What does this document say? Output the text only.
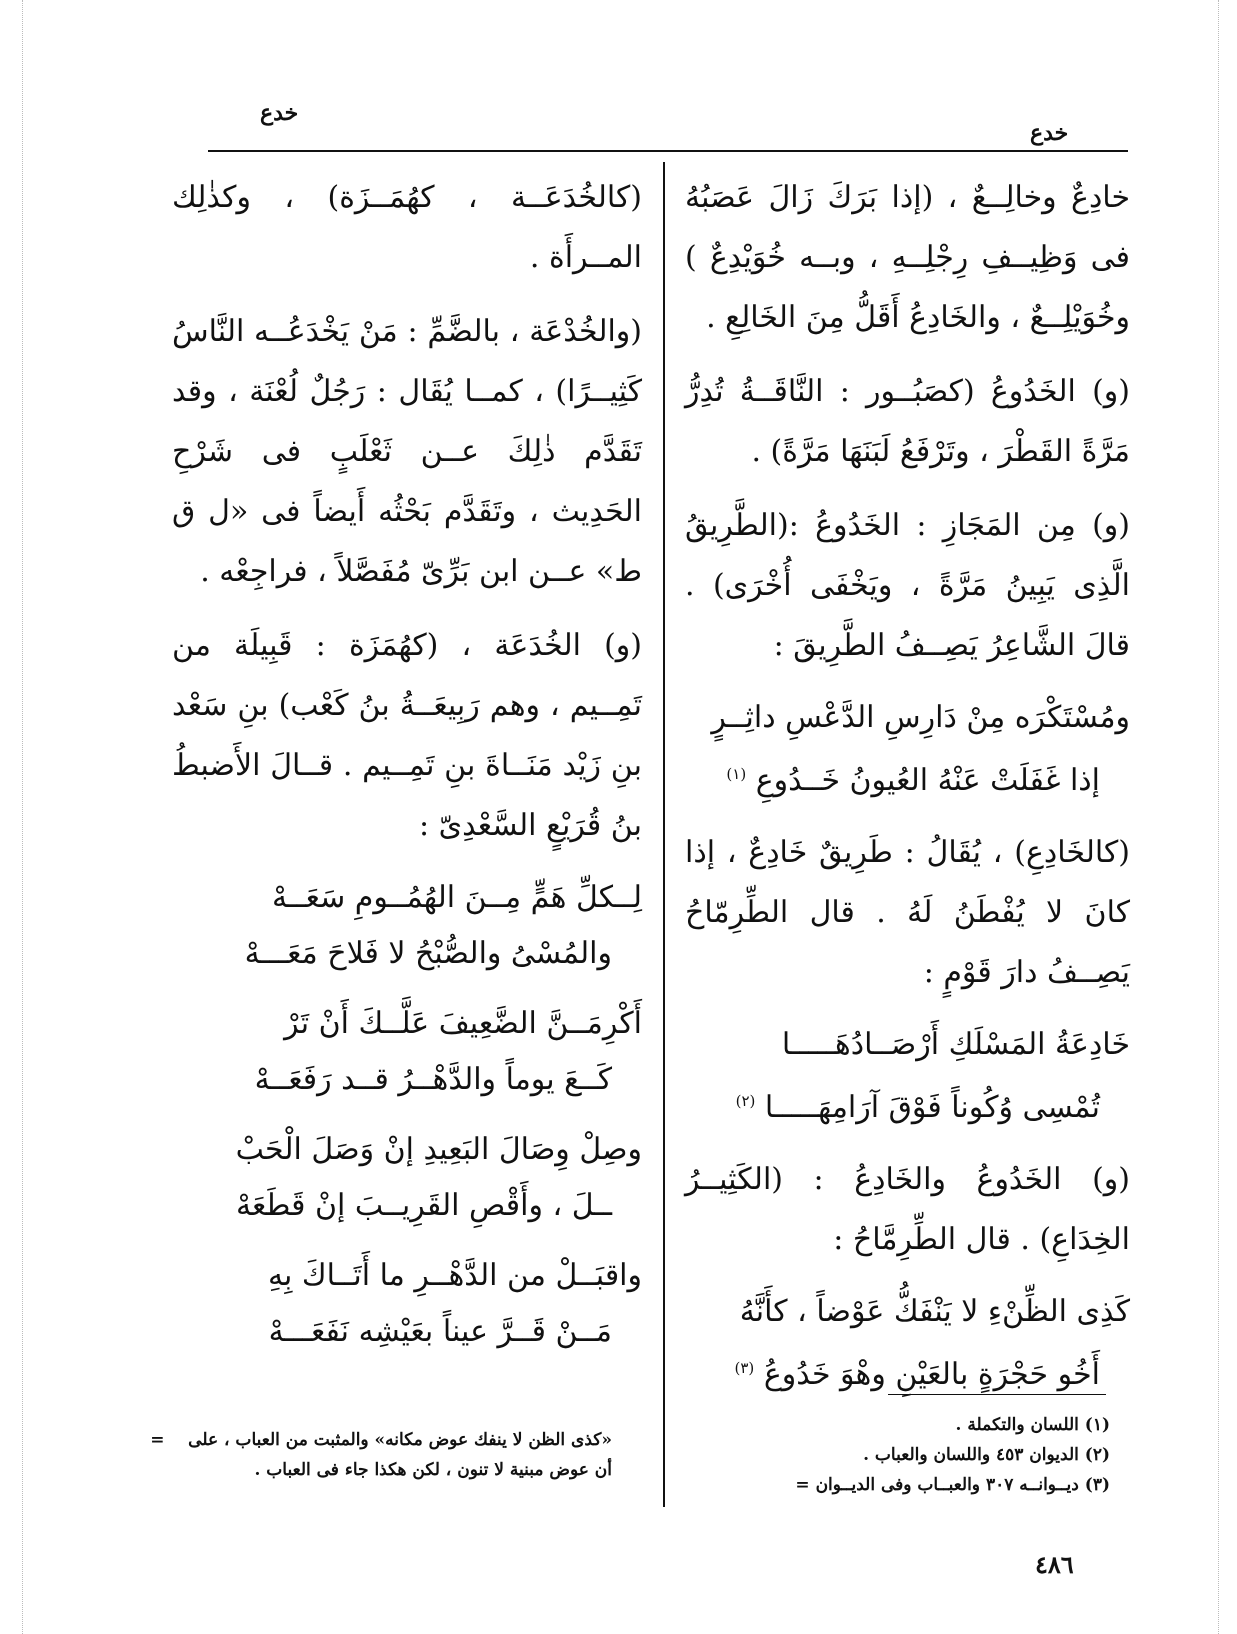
خدع
خدع

خادِعٌ وخالِــعٌ ، (إذا بَرَكَ زَالَ عَصَبُهُ فى وَظِيــفِ رِجْلِــهِ ، وبــه خُوَيْدِعٌ ) وخُوَيْلِــعٌ ، والخَادِعُ أَقَلُّ مِنَ الخَالِعِ .

(و) الخَدُوعُ (كصَبُــور : النَّاقَــةُ تُدِرُّ مَرَّةً القَطْرَ ، وتَرْفَعُ لَبَنَهَا مَرَّةً) .

(و) مِن المَجَازِ : الخَدُوعُ :(الطَّرِيقُ الَّذِى يَبِينُ مَرَّةً ، ويَخْفَى أُخْرَى) . قالَ الشَّاعِرُ يَصِــفُ الطَّرِيقَ :

ومُسْتَكْرَه مِنْ دَارِسِ الدَّعْسِ داثِــرٍ
إذا غَفَلَتْ عَنْهُ العُيونُ خَــدُوعِ $^{(١)}$

(كالخَادِعِ) ، يُقَالُ : طَرِيقٌ خَادِعٌ ، إذا كانَ لا يُفْطَنُ لَهُ . قال الطِّرِمّاحُ يَصِــفُ دارَ قَوْمٍ :

خَادِعَةُ المَسْلَكِ أَرْصَــادُهَـــــا
تُمْسِى وُكُوناً فَوْقَ آرَامِهَـــــا $^{(٢)}$

(و) الخَدُوعُ والخَادِعُ : (الكَثِيــرُ الخِدَاعِ) . قال الطِّرِمَّاحُ :

كَذِى الظِّنْءِ لا يَنْفَكُّ عَوْضاً ، كأَنَّهُ
أَخُو حَجْرَةٍ بالعَيْنِ وهْوَ خَدُوعُ $^{(٣)}$

(كالخُدَعَــة ، كهُمَــزَة) ، وكذٰلِك المــرأَة .

(والخُدْعَة ، بالضَّمِّ : مَنْ يَخْدَعُــه النَّاسُ كَثِيــرًا) ، كمــا يُقَال : رَجُلٌ لُعْنَة ، وقد تَقَدَّم ذٰلِكَ عــن ثَعْلَبٍ فى شَرْحِ الحَدِيث ، وتَقَدَّم بَحْثُه أَيضاً فى «ل ق ط» عــن ابن بَرِّىّ مُفَصَّلاً ، فراجِعْه .

(و) الخُدَعَة ، (كهُمَزَة : قَبِيلَة من تَمِــيم ، وهم رَبِيعَــةُ بنُ كَعْب) بنِ سَعْد بنِ زَيْد مَنَــاةَ بنِ تَمِــيم . قــالَ الأَضبطُ بنُ قُرَيْعٍ السَّعْدِىّ :

لِــكلِّ هَمٍّ مِــنَ الهُمُــومِ سَعَــهْ
والمُسْىُ والصُّبْحُ لا فَلاحَ مَعَـــهْ
أَكْرِمَــنَّ الضَّعِيفَ عَلَّــكَ أَنْ تَرْ
كَــعَ يوماً والدَّهْــرُ قــد رَفَعَــهْ
وصِلْ وِصَالَ البَعِيدِ إنْ وَصَلَ الْحَبْ
ــلَ ، وأَقْصِ القَرِيــبَ إنْ قَطَعَهْ
واقبَــلْ من الدَّهْــرِ ما أَتَــاكَ بِهِ
مَــنْ قَــرَّ عيناً بعَيْشِه نَفَعَـــهْ
(١) اللسان والتكملة .
(٢) الديوان ٤٥٣ واللسان والعباب .
(٣) ديــوانــه ٣٠٧ والعبــاب وفى الديــوان =
«كذى الظن لا ينفك عوض مكانه» والمثبت من العباب ، على    =
أن عوض مبنية لا تنون ، لكن هكذا جاء فى العباب .
٤٨٦
